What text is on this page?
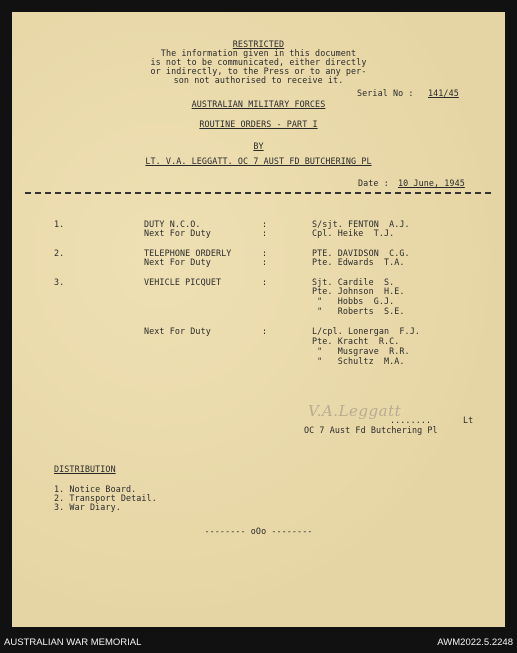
RESTRICTED
The information given in this document
is not to be communicated, either directly
or indirectly, to the Press or to any per-
son not authorised to receive it.
Serial No : 141/45
AUSTRALIAN MILITARY FORCES
ROUTINE ORDERS - PART I
BY
LT. V.A. LEGGATT. OC 7 AUST FD BUTCHERING PL
Date : 10 June, 1945
1.	DUTY N.C.O.	:	S/sjt. FENTON  A.J.
Next For Duty	:	Cpl. Heike  T.J.
2.	TELEPHONE ORDERLY	:	PTE. DAVIDSON  C.G.
Next For Duty	:	Pte. Edwards  T.A.
3.	VEHICLE PICQUET	:	Sjt. Cardile  S.
Pte. Johnson  H.E.
"   Hobbs  G.J.
"   Roberts  S.E.
Next For Duty	:	L/cpl. Lonergan  F.J.
Pte. Kracht  R.C.
"   Musgrave  R.R.
"   Schultz  M.A.
V.A.Leggatt
........	Lt
OC 7 Aust Fd Butchering Pl
DISTRIBUTION
1. Notice Board.
2. Transport Detail.
3. War Diary.
-------- oOo --------
AUSTRALIAN WAR MEMORIAL	AWM2022.5.2248
